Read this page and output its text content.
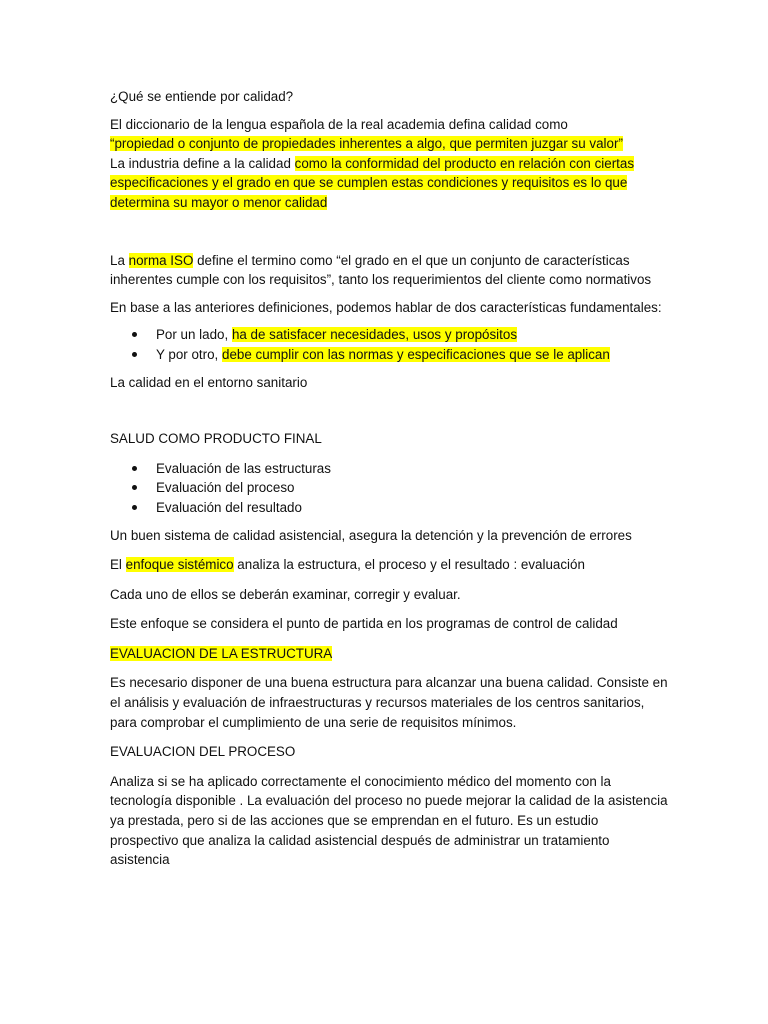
¿Qué se entiende por calidad?

El diccionario de la lengua española de la real academia defina calidad como
“propiedad o conjunto de propiedades inherentes a algo, que permiten juzgar su valor”
La industria define a la calidad como la conformidad del producto en relación con ciertas especificaciones y el grado en que se cumplen estas condiciones y requisitos es lo que determina su mayor o menor calidad

La norma ISO define el termino como “el grado en el que un conjunto de características inherentes cumple con los requisitos”, tanto los requerimientos del cliente como normativos

En base a las anteriores definiciones, podemos hablar de dos características fundamentales:

Por un lado, ha de satisfacer necesidades, usos y propósitos
Y por otro, debe cumplir con las normas y especificaciones que se le aplican

La calidad en el entorno sanitario

SALUD COMO PRODUCTO FINAL

Evaluación de las estructuras
Evaluación del proceso
Evaluación del resultado

Un buen sistema de calidad asistencial, asegura la detención y la prevención de errores

El enfoque sistémico analiza la estructura, el proceso y el resultado : evaluación

Cada uno de ellos se deberán examinar, corregir y evaluar.

Este enfoque se considera el punto de partida en los programas de control de calidad

EVALUACION DE LA ESTRUCTURA

Es necesario disponer de una buena estructura para alcanzar una buena calidad. Consiste en el análisis y evaluación de infraestructuras y recursos materiales de los centros sanitarios, para comprobar el cumplimiento de una serie de requisitos mínimos.

EVALUACION DEL PROCESO

Analiza si se ha aplicado correctamente el conocimiento médico del momento con la tecnología disponible . La evaluación del proceso no puede mejorar la calidad de la asistencia ya prestada, pero si de las acciones que se emprendan en el futuro. Es un estudio prospectivo que analiza la calidad asistencial después de administrar un tratamiento asistencia
